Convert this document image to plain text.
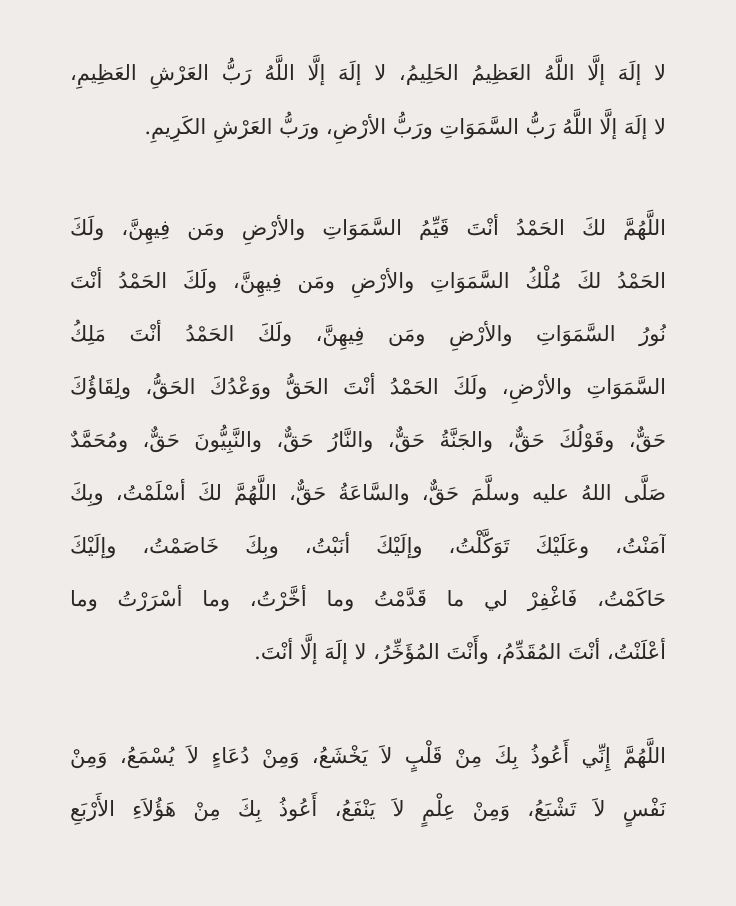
لا إلَهَ إلَّا اللَّهُ العَظِيمُ الحَلِيمُ، لا إلَهَ إلَّا اللَّهُ رَبُّ العَرْشِ العَظِيمِ،
لا إلَهَ إلَّا اللَّهُ رَبُّ السَّمَوَاتِ ورَبُّ الأرْضِ، ورَبُّ العَرْشِ الكَرِيمِ.
اللَّهُمَّ لكَ الحَمْدُ أنْتَ قَيِّمُ السَّمَوَاتِ والأرْضِ ومَن فِيهِنَّ، ولَكَ
الحَمْدُ لكَ مُلْكُ السَّمَوَاتِ والأرْضِ ومَن فِيهِنَّ، ولَكَ الحَمْدُ أنْتَ
نُورُ السَّمَوَاتِ والأرْضِ ومَن فِيهِنَّ، ولَكَ الحَمْدُ أنْتَ مَلِكُ
السَّمَوَاتِ والأرْضِ، ولَكَ الحَمْدُ أنْتَ الحَقُّ ووَعْدُكَ الحَقُّ، ولِقَاؤُكَ
حَقٌّ، وقَوْلُكَ حَقٌّ، والجَنَّةُ حَقٌّ، والنَّارُ حَقٌّ، والنَّبِيُّونَ حَقٌّ، ومُحَمَّدٌ
صَلَّى اللهُ عليه وسلَّمَ حَقٌّ، والسَّاعَةُ حَقٌّ، اللَّهُمَّ لكَ أسْلَمْتُ، وبِكَ
آمَنْتُ، وعَلَيْكَ تَوَكَّلْتُ، وإلَيْكَ أنَبْتُ، وبِكَ خَاصَمْتُ، وإلَيْكَ
حَاكَمْتُ، فَاغْفِرْ لي ما قَدَّمْتُ وما أخَّرْتُ، وما أسْرَرْتُ وما
أعْلَنْتُ، أنْتَ المُقَدِّمُ، وأَنْتَ المُؤَخِّرُ، لا إلَهَ إلَّا أنْتَ.
اللَّهُمَّ إِنِّي أَعُوذُ بِكَ مِنْ قَلْبٍ لاَ يَخْشَعُ، وَمِنْ دُعَاءٍ لاَ يُسْمَعُ، وَمِنْ
نَفْسٍ لاَ تَشْبَعُ، وَمِنْ عِلْمٍ لاَ يَنْفَعُ، أَعُوذُ بِكَ مِنْ هَؤُلاَءِ الأَرْبَعِ
